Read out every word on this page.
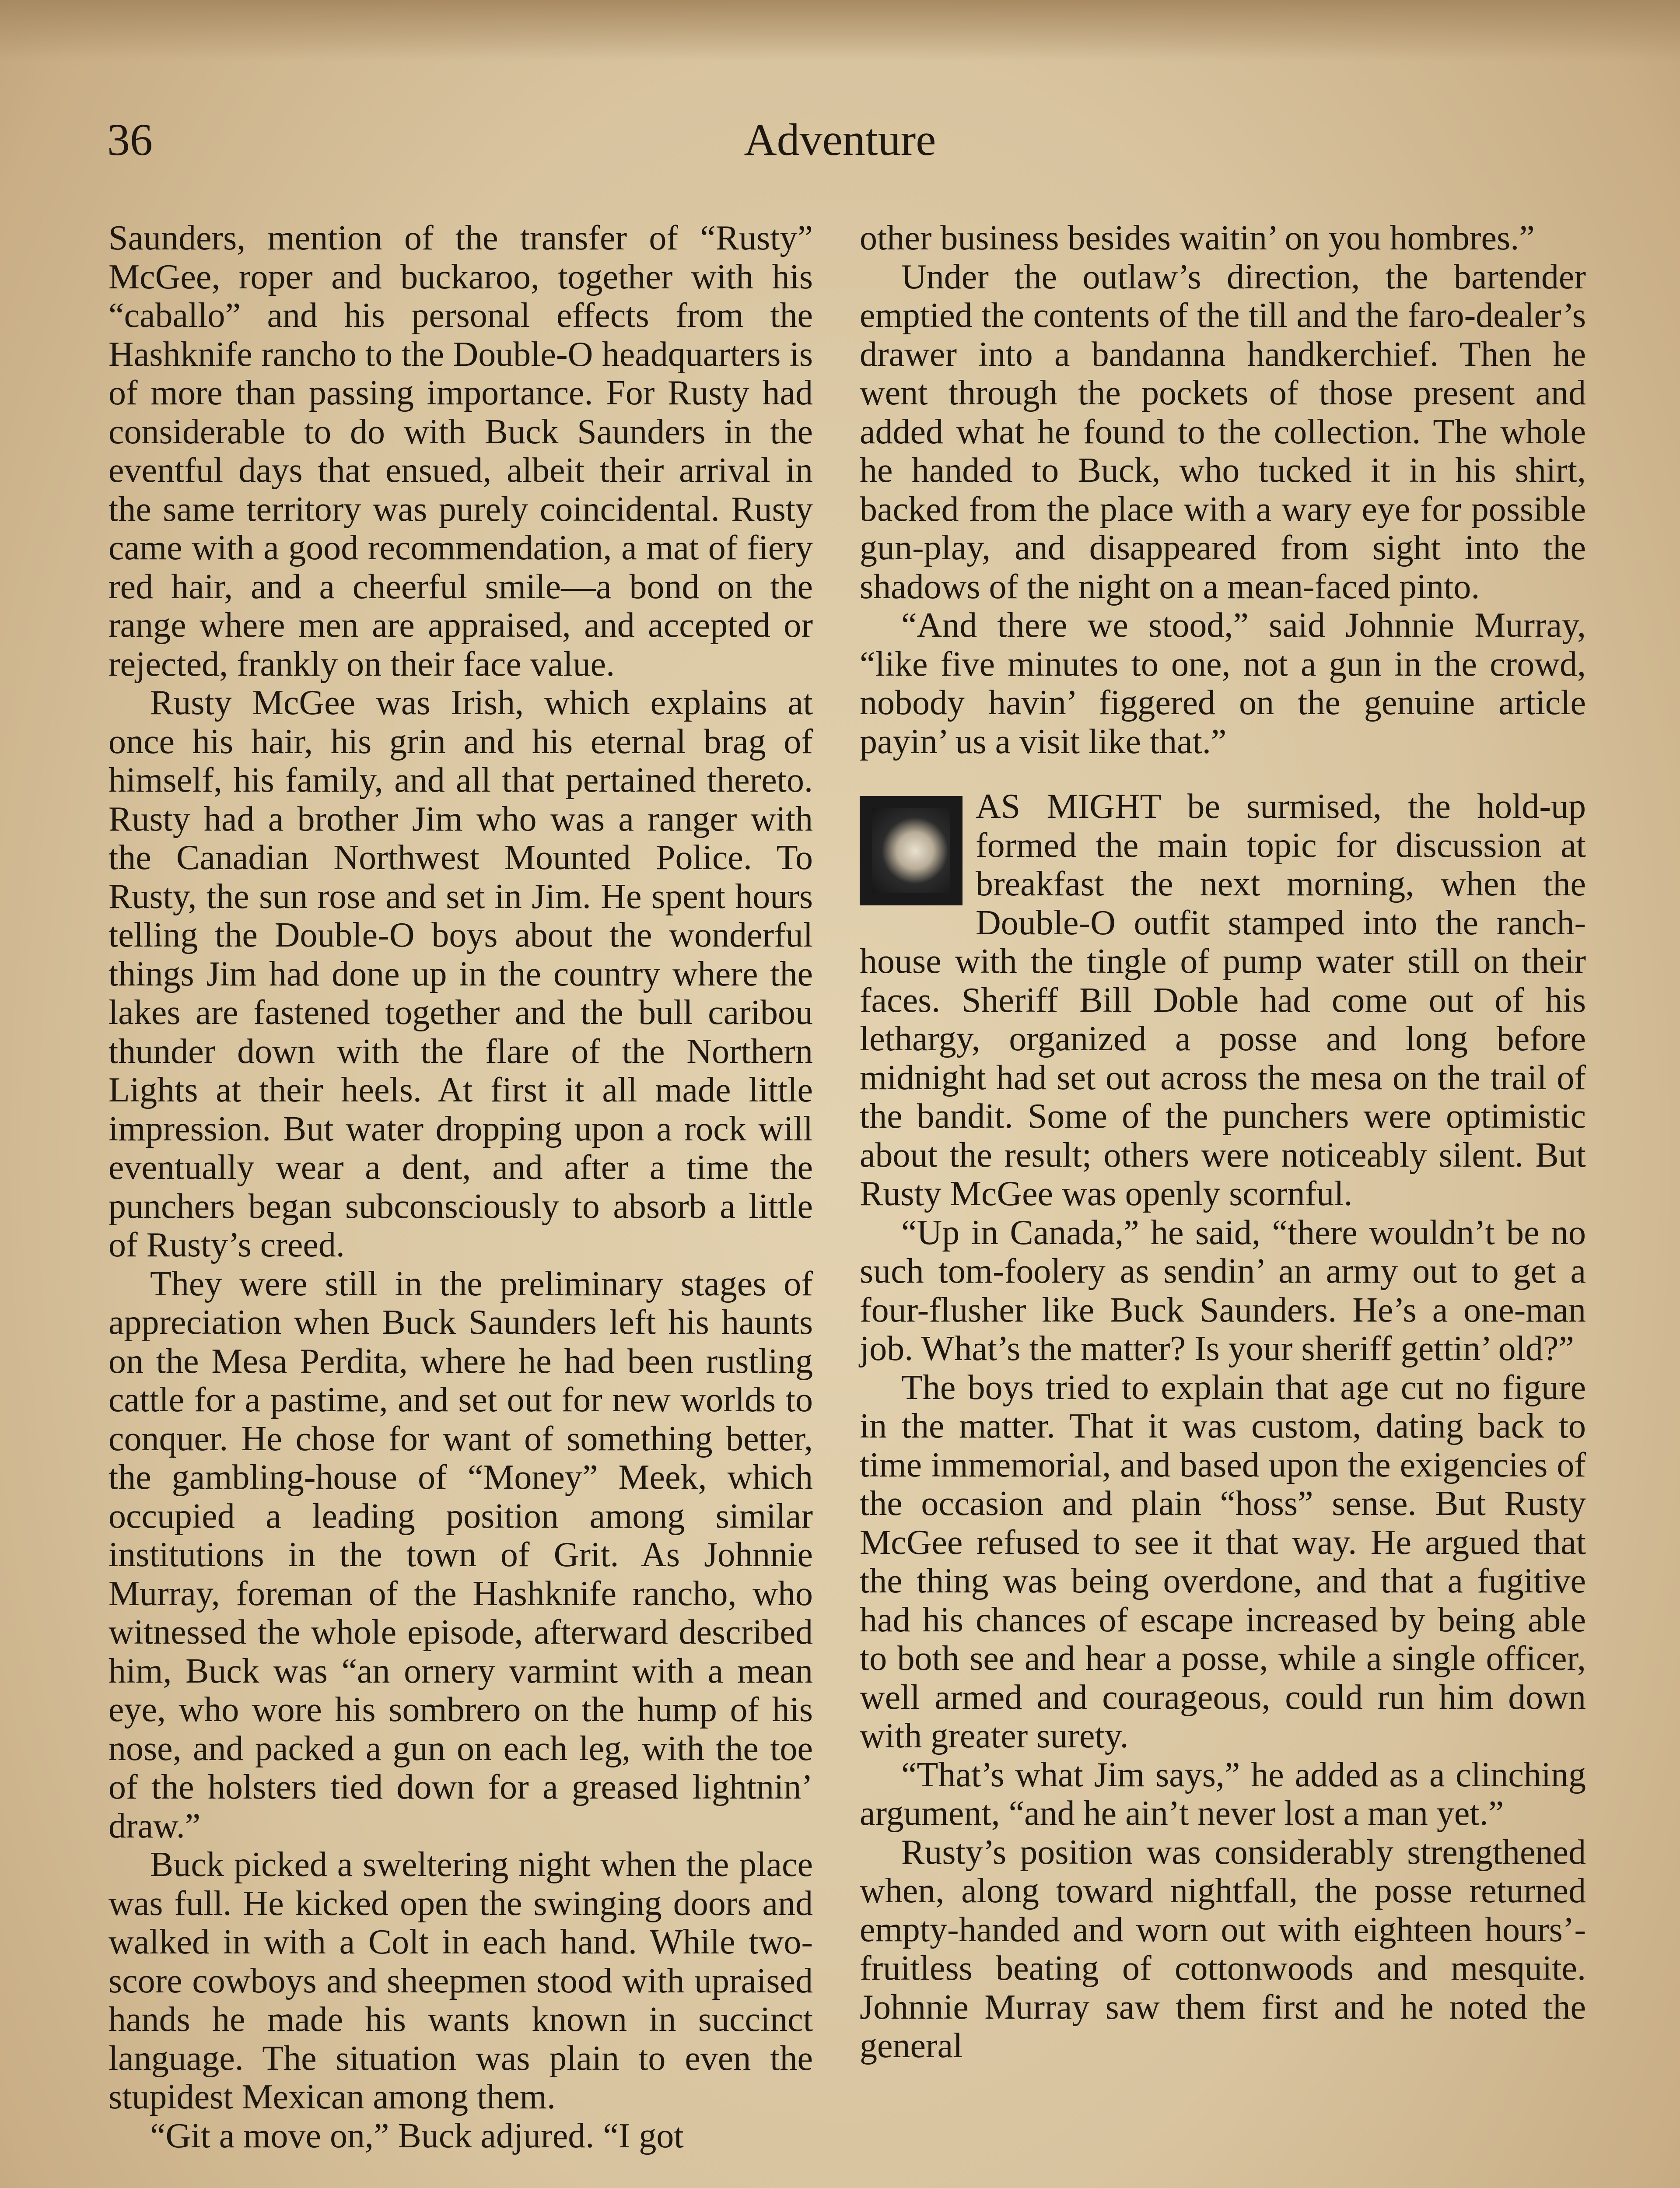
36	Adventure

Saunders, mention of the transfer of “Rusty” McGee, roper and buckaroo, together with his “caballo” and his personal effects from the Hashknife rancho to the Double-O headquarters is of more than passing importance. For Rusty had considerable to do with Buck Saunders in the eventful days that ensued, albeit their arrival in the same territory was purely coincidental. Rusty came with a good recommendation, a mat of fiery red hair, and a cheerful smile—a bond on the range where men are appraised, and accepted or rejected, frankly on their face value.

Rusty McGee was Irish, which explains at once his hair, his grin and his eternal brag of himself, his family, and all that pertained thereto. Rusty had a brother Jim who was a ranger with the Canadian Northwest Mounted Police. To Rusty, the sun rose and set in Jim. He spent hours telling the Double-O boys about the wonderful things Jim had done up in the country where the lakes are fastened together and the bull caribou thunder down with the flare of the Northern Lights at their heels. At first it all made little impression. But water dropping upon a rock will eventually wear a dent, and after a time the punchers began subconsciously to absorb a little of Rusty’s creed.

They were still in the preliminary stages of appreciation when Buck Saunders left his haunts on the Mesa Perdita, where he had been rustling cattle for a pastime, and set out for new worlds to conquer. He chose for want of something better, the gambling-house of “Money” Meek, which occupied a leading position among similar institutions in the town of Grit. As Johnnie Murray, foreman of the Hashknife rancho, who witnessed the whole episode, afterward described him, Buck was “an ornery varmint with a mean eye, who wore his sombrero on the hump of his nose, and packed a gun on each leg, with the toe of the holsters tied down for a greased lightnin’ draw.”

Buck picked a sweltering night when the place was full. He kicked open the swinging doors and walked in with a Colt in each hand. While two-score cowboys and sheepmen stood with upraised hands he made his wants known in succinct language. The situation was plain to even the stupidest Mexican among them.

“Git a move on,” Buck adjured. “I got

other business besides waitin’ on you hombres.”

Under the outlaw’s direction, the bartender emptied the contents of the till and the faro-dealer’s drawer into a bandanna handkerchief. Then he went through the pockets of those present and added what he found to the collection. The whole he handed to Buck, who tucked it in his shirt, backed from the place with a wary eye for possible gun-play, and disappeared from sight into the shadows of the night on a mean-faced pinto.

“And there we stood,” said Johnnie Murray, “like five minutes to one, not a gun in the crowd, nobody havin’ figgered on the genuine article payin’ us a visit like that.”

AS MIGHT be surmised, the hold-up formed the main topic for discussion at breakfast the next morning, when the Double-O outfit stamped into the ranch-house with the tingle of pump water still on their faces. Sheriff Bill Doble had come out of his lethargy, organized a posse and long before midnight had set out across the mesa on the trail of the bandit. Some of the punchers were optimistic about the result; others were noticeably silent. But Rusty McGee was openly scornful.

“Up in Canada,” he said, “there wouldn’t be no such tom-foolery as sendin’ an army out to get a four-flusher like Buck Saunders. He’s a one-man job. What’s the matter? Is your sheriff gettin’ old?”

The boys tried to explain that age cut no figure in the matter. That it was custom, dating back to time immemorial, and based upon the exigencies of the occasion and plain “hoss” sense. But Rusty McGee refused to see it that way. He argued that the thing was being overdone, and that a fugitive had his chances of escape increased by being able to both see and hear a posse, while a single officer, well armed and courageous, could run him down with greater surety.

“That’s what Jim says,” he added as a clinching argument, “and he ain’t never lost a man yet.”

Rusty’s position was considerably strengthened when, along toward nightfall, the posse returned empty-handed and worn out with eighteen hours’-fruitless beating of cottonwoods and mesquite. Johnnie Murray saw them first and he noted the general
